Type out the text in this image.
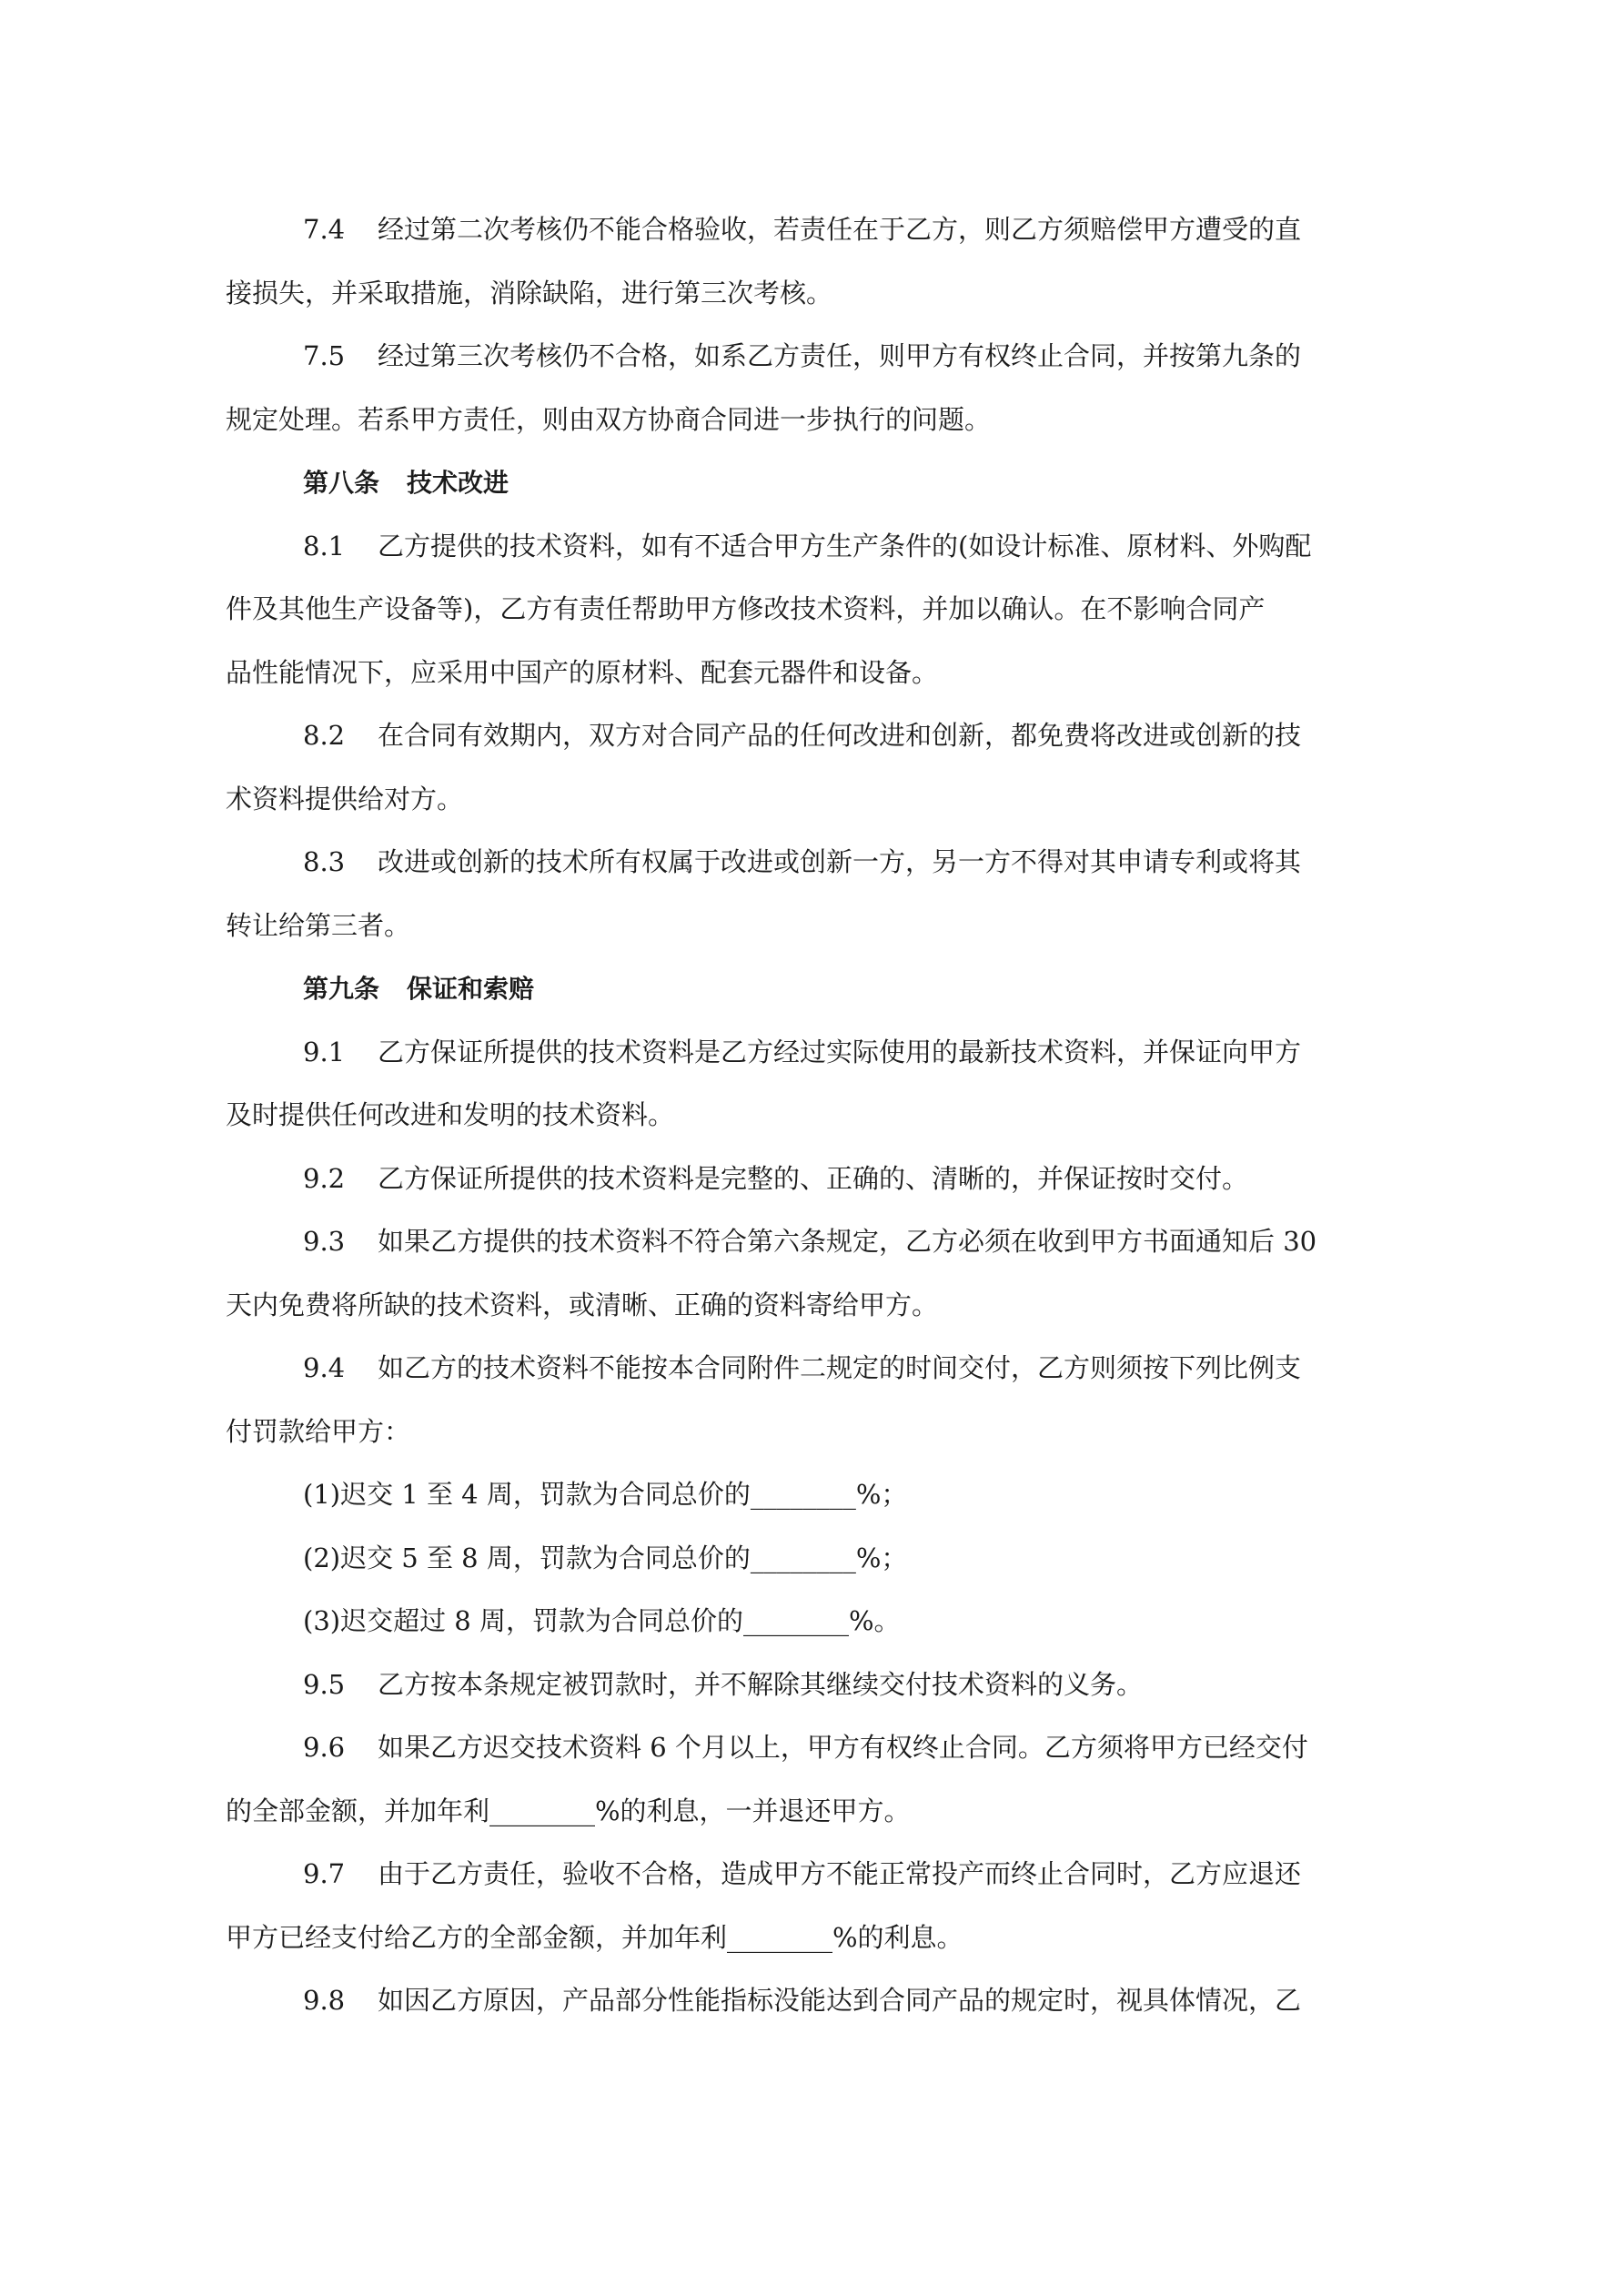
7.4 经过第二次考核仍不能合格验收，若责任在于乙方，则乙方须赔偿甲方遭受的直
接损失，并采取措施，消除缺陷，进行第三次考核。
7.5 经过第三次考核仍不合格，如系乙方责任，则甲方有权终止合同，并按第九条的
规定处理。若系甲方责任，则由双方协商合同进一步执行的问题。
第八条 技术改进
8.1 乙方提供的技术资料，如有不适合甲方生产条件的(如设计标准、原材料、外购配
件及其他生产设备等)，乙方有责任帮助甲方修改技术资料，并加以确认。在不影响合同产
品性能情况下，应采用中国产的原材料、配套元器件和设备。
8.2 在合同有效期内，双方对合同产品的任何改进和创新，都免费将改进或创新的技
术资料提供给对方。
8.3 改进或创新的技术所有权属于改进或创新一方，另一方不得对其申请专利或将其
转让给第三者。
第九条 保证和索赔
9.1 乙方保证所提供的技术资料是乙方经过实际使用的最新技术资料，并保证向甲方
及时提供任何改进和发明的技术资料。
9.2 乙方保证所提供的技术资料是完整的、正确的、清晰的，并保证按时交付。
9.3 如果乙方提供的技术资料不符合第六条规定，乙方必须在收到甲方书面通知后 30
天内免费将所缺的技术资料，或清晰、正确的资料寄给甲方。
9.4 如乙方的技术资料不能按本合同附件二规定的时间交付，乙方则须按下列比例支
付罚款给甲方：
(1)迟交 1 至 4 周，罚款为合同总价的________%；
(2)迟交 5 至 8 周，罚款为合同总价的________%；
(3)迟交超过 8 周，罚款为合同总价的________%。
9.5 乙方按本条规定被罚款时，并不解除其继续交付技术资料的义务。
9.6 如果乙方迟交技术资料 6 个月以上，甲方有权终止合同。乙方须将甲方已经交付
的全部金额，并加年利________%的利息，一并退还甲方。
9.7 由于乙方责任，验收不合格，造成甲方不能正常投产而终止合同时，乙方应退还
甲方已经支付给乙方的全部金额，并加年利________%的利息。
9.8 如因乙方原因，产品部分性能指标没能达到合同产品的规定时，视具体情况，乙
